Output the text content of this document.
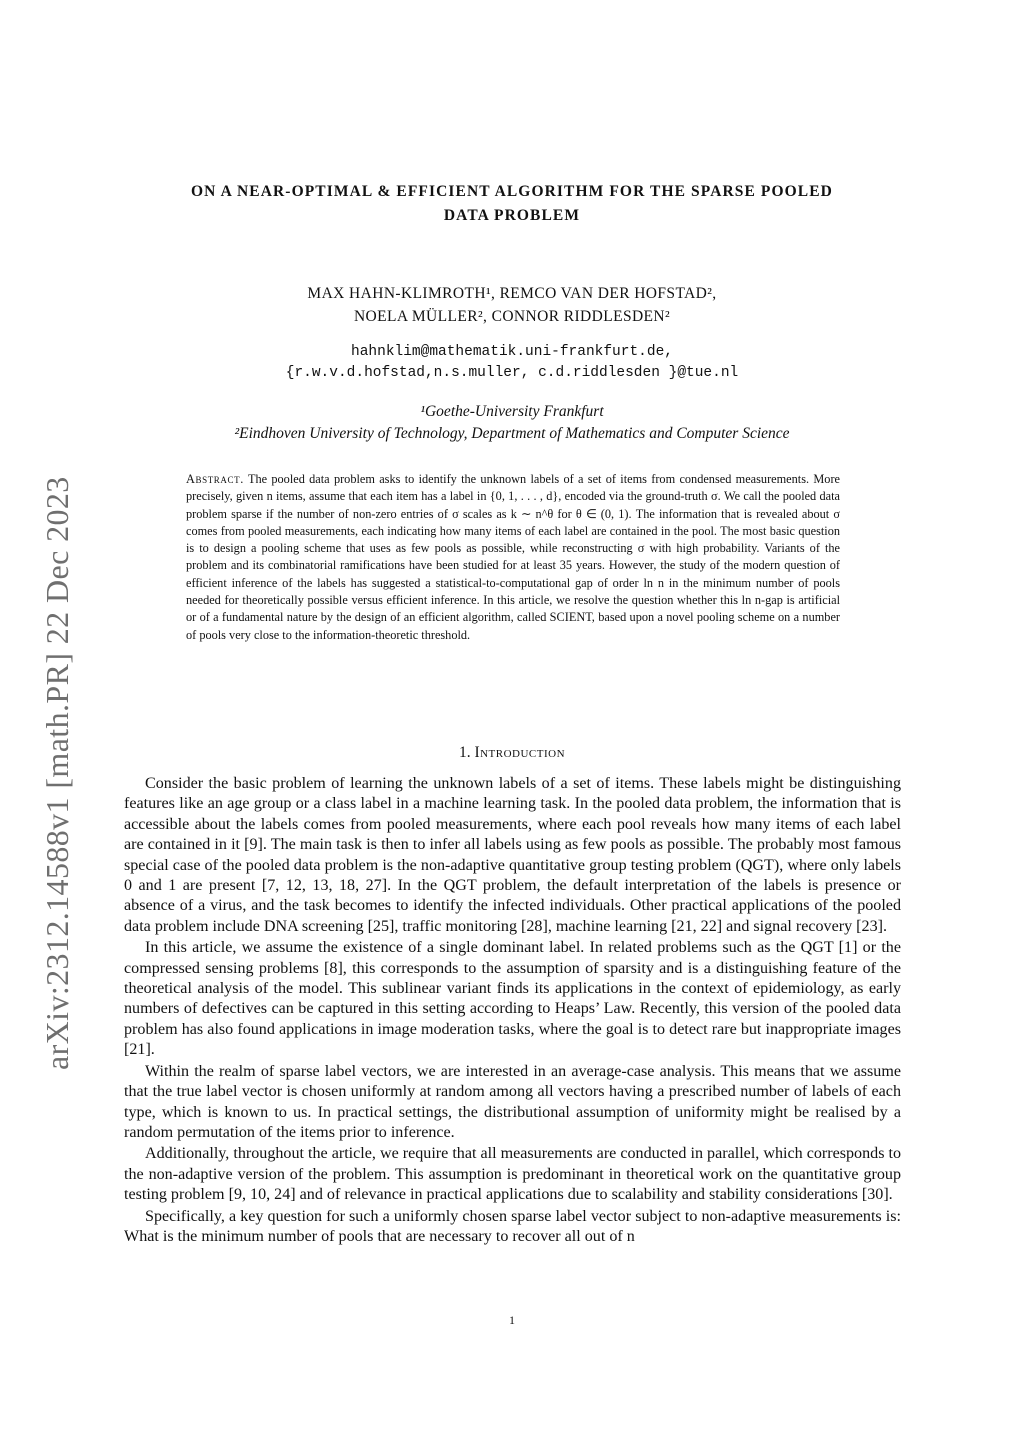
arXiv:2312.14588v1 [math.PR] 22 Dec 2023
ON A NEAR-OPTIMAL & EFFICIENT ALGORITHM FOR THE SPARSE POOLED
DATA PROBLEM
MAX HAHN-KLIMROTH¹, REMCO VAN DER HOFSTAD²,
NOELA MÜLLER², CONNOR RIDDLESDEN²
hahnklim@mathematik.uni-frankfurt.de,
{r.w.v.d.hofstad,n.s.muller, c.d.riddlesden }@tue.nl
¹Goethe-University Frankfurt
²Eindhoven University of Technology, Department of Mathematics and Computer Science

Abstract. The pooled data problem asks to identify the unknown labels of a set of items from condensed measurements. More precisely, given n items, assume that each item has a label in {0, 1, . . . , d}, encoded via the ground-truth σ. We call the pooled data problem sparse if the number of non-zero entries of σ scales as k ∼ n^θ for θ ∈ (0, 1). The information that is revealed about σ comes from pooled measurements, each indicating how many items of each label are contained in the pool. The most basic question is to design a pooling scheme that uses as few pools as possible, while reconstructing σ with high probability. Variants of the problem and its combinatorial ramifications have been studied for at least 35 years. However, the study of the modern question of efficient inference of the labels has suggested a statistical-to-computational gap of order ln n in the minimum number of pools needed for theoretically possible versus efficient inference. In this article, we resolve the question whether this ln n-gap is artificial or of a fundamental nature by the design of an efficient algorithm, called SCIENT, based upon a novel pooling scheme on a number of pools very close to the information-theoretic threshold.

1. Introduction

Consider the basic problem of learning the unknown labels of a set of items. These labels might be distinguishing features like an age group or a class label in a machine learning task. In the pooled data problem, the information that is accessible about the labels comes from pooled measurements, where each pool reveals how many items of each label are contained in it [9]. The main task is then to infer all labels using as few pools as possible. The probably most famous special case of the pooled data problem is the non-adaptive quantitative group testing problem (QGT), where only labels 0 and 1 are present [7, 12, 13, 18, 27]. In the QGT problem, the default interpretation of the labels is presence or absence of a virus, and the task becomes to identify the infected individuals. Other practical applications of the pooled data problem include DNA screening [25], traffic monitoring [28], machine learning [21, 22] and signal recovery [23].

In this article, we assume the existence of a single dominant label. In related problems such as the QGT [1] or the compressed sensing problems [8], this corresponds to the assumption of sparsity and is a distinguishing feature of the theoretical analysis of the model. This sublinear variant finds its applications in the context of epidemiology, as early numbers of defectives can be captured in this setting according to Heaps’ Law. Recently, this version of the pooled data problem has also found applications in image moderation tasks, where the goal is to detect rare but inappropriate images [21].

Within the realm of sparse label vectors, we are interested in an average-case analysis. This means that we assume that the true label vector is chosen uniformly at random among all vectors having a prescribed number of labels of each type, which is known to us. In practical settings, the distributional assumption of uniformity might be realised by a random permutation of the items prior to inference.

Additionally, throughout the article, we require that all measurements are conducted in parallel, which corresponds to the non-adaptive version of the problem. This assumption is predominant in theoretical work on the quantitative group testing problem [9, 10, 24] and of relevance in practical applications due to scalability and stability considerations [30].

Specifically, a key question for such a uniformly chosen sparse label vector subject to non-adaptive measurements is: What is the minimum number of pools that are necessary to recover all out of n

1
